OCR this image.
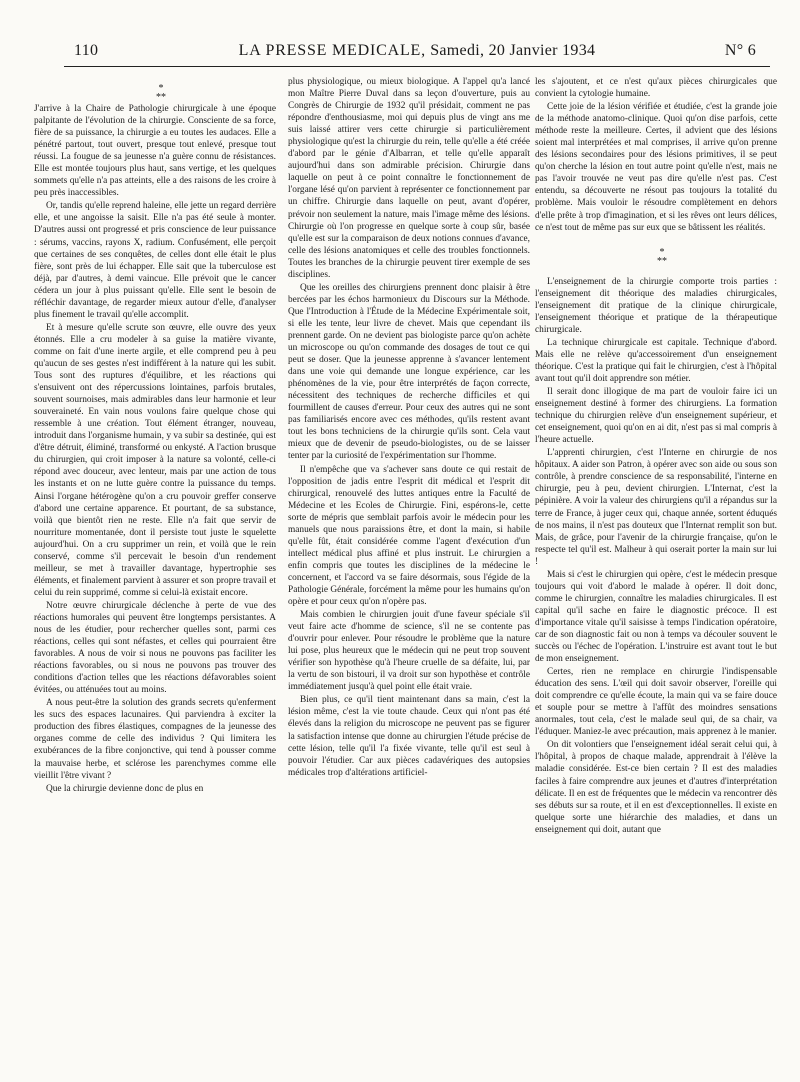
110	LA PRESSE MEDICALE, Samedi, 20 Janvier 1934	N° 6

*
**

J'arrive à la Chaire de Pathologie chirurgicale à une époque palpitante de l'évolution de la chirurgie. Consciente de sa force, fière de sa puissance, la chirurgie a eu toutes les audaces. Elle a pénétré partout, tout ouvert, presque tout enlevé, presque tout réussi. La fougue de sa jeunesse n'a guère connu de résistances. Elle est montée toujours plus haut, sans vertige, et les quelques sommets qu'elle n'a pas atteints, elle a des raisons de les croire à peu près inaccessibles.

Or, tandis qu'elle reprend haleine, elle jette un regard derrière elle, et une angoisse la saisit. Elle n'a pas été seule à monter. D'autres aussi ont progressé et pris conscience de leur puissance : sérums, vaccins, rayons X, radium. Confusément, elle perçoit que certaines de ses conquêtes, de celles dont elle était le plus fière, sont près de lui échapper. Elle sait que la tuberculose est déjà, par d'autres, à demi vaincue. Elle prévoit que le cancer cédera un jour à plus puissant qu'elle. Elle sent le besoin de réfléchir davantage, de regarder mieux autour d'elle, d'analyser plus finement le travail qu'elle accomplit.

Et à mesure qu'elle scrute son œuvre, elle ouvre des yeux étonnés. Elle a cru modeler à sa guise la matière vivante, comme on fait d'une inerte argile, et elle comprend peu à peu qu'aucun de ses gestes n'est indifférent à la nature qui les subit. Tous sont des ruptures d'équilibre, et les réactions qui s'ensuivent ont des répercussions lointaines, parfois brutales, souvent sournoises, mais admirables dans leur harmonie et leur souveraineté. En vain nous voulons faire quelque chose qui ressemble à une création. Tout élément étranger, nouveau, introduit dans l'organisme humain, y va subir sa destinée, qui est d'être détruit, éliminé, transformé ou enkysté. A l'action brusque du chirurgien, qui croit imposer à la nature sa volonté, celle-ci répond avec douceur, avec lenteur, mais par une action de tous les instants et on ne lutte guère contre la puissance du temps. Ainsi l'organe hétérogène qu'on a cru pouvoir greffer conserve d'abord une certaine apparence. Et pourtant, de sa substance, voilà que bientôt rien ne reste. Elle n'a fait que servir de nourriture momentanée, dont il persiste tout juste le squelette aujourd'hui. On a cru supprimer un rein, et voilà que le rein conservé, comme s'il percevait le besoin d'un rendement meilleur, se met à travailler davantage, hypertrophie ses éléments, et finalement parvient à assurer et son propre travail et celui du rein supprimé, comme si celui-là existait encore.

Notre œuvre chirurgicale déclenche à perte de vue des réactions humorales qui peuvent être longtemps persistantes. A nous de les étudier, pour rechercher quelles sont, parmi ces réactions, celles qui sont néfastes, et celles qui pourraient être favorables. A nous de voir si nous ne pouvons pas faciliter les réactions favorables, ou si nous ne pouvons pas trouver des conditions d'action telles que les réactions défavorables soient évitées, ou atténuées tout au moins.

A nous peut-être la solution des grands secrets qu'enferment les sucs des espaces lacunaires. Qui parviendra à exciter la production des fibres élastiques, compagnes de la jeunesse des organes comme de celle des individus ? Qui limitera les exubérances de la fibre conjonctive, qui tend à pousser comme la mauvaise herbe, et sclérose les parenchymes comme elle vieillit l'être vivant ?

Que la chirurgie devienne donc de plus en

plus physiologique, ou mieux biologique. A l'appel qu'a lancé mon Maître Pierre Duval dans sa leçon d'ouverture, puis au Congrès de Chirurgie de 1932 qu'il présidait, comment ne pas répondre d'enthousiasme, moi qui depuis plus de vingt ans me suis laissé attirer vers cette chirurgie si particulièrement physiologique qu'est la chirurgie du rein, telle qu'elle a été créée d'abord par le génie d'Albarran, et telle qu'elle apparaît aujourd'hui dans son admirable précision. Chirurgie dans laquelle on peut à ce point connaître le fonctionnement de l'organe lésé qu'on parvient à représenter ce fonctionnement par un chiffre. Chirurgie dans laquelle on peut, avant d'opérer, prévoir non seulement la nature, mais l'image même des lésions. Chirurgie où l'on progresse en quelque sorte à coup sûr, basée qu'elle est sur la comparaison de deux notions connues d'avance, celle des lésions anatomiques et celle des troubles fonctionnels. Toutes les branches de la chirurgie peuvent tirer exemple de ses disciplines.

Que les oreilles des chirurgiens prennent donc plaisir à être bercées par les échos harmonieux du Discours sur la Méthode. Que l'Introduction à l'Étude de la Médecine Expérimentale soit, si elle les tente, leur livre de chevet. Mais que cependant ils prennent garde. On ne devient pas biologiste parce qu'on achète un microscope ou qu'on commande des dosages de tout ce qui peut se doser. Que la jeunesse apprenne à s'avancer lentement dans une voie qui demande une longue expérience, car les phénomènes de la vie, pour être interprétés de façon correcte, nécessitent des techniques de recherche difficiles et qui fourmillent de causes d'erreur. Pour ceux des autres qui ne sont pas familiarisés encore avec ces méthodes, qu'ils restent avant tout les bons techniciens de la chirurgie qu'ils sont. Cela vaut mieux que de devenir de pseudo-biologistes, ou de se laisser tenter par la curiosité de l'expérimentation sur l'homme.

Il n'empêche que va s'achever sans doute ce qui restait de l'opposition de jadis entre l'esprit dit médical et l'esprit dit chirurgical, renouvelé des luttes antiques entre la Faculté de Médecine et les Ecoles de Chirurgie. Fini, espérons-le, cette sorte de mépris que semblait parfois avoir le médecin pour les manuels que nous paraissions être, et dont la main, si habile qu'elle fût, était considérée comme l'agent d'exécution d'un intellect médical plus affiné et plus instruit. Le chirurgien a enfin compris que toutes les disciplines de la médecine le concernent, et l'accord va se faire désormais, sous l'égide de la Pathologie Générale, forcément la même pour les humains qu'on opère et pour ceux qu'on n'opère pas.

Mais combien le chirurgien jouit d'une faveur spéciale s'il veut faire acte d'homme de science, s'il ne se contente pas d'ouvrir pour enlever. Pour résoudre le problème que la nature lui pose, plus heureux que le médecin qui ne peut trop souvent vérifier son hypothèse qu'à l'heure cruelle de sa défaite, lui, par la vertu de son bistouri, il va droit sur son hypothèse et contrôle immédiatement jusqu'à quel point elle était vraie.

Bien plus, ce qu'il tient maintenant dans sa main, c'est la lésion même, c'est la vie toute chaude. Ceux qui n'ont pas été élevés dans la religion du microscope ne peuvent pas se figurer la satisfaction intense que donne au chirurgien l'étude précise de cette lésion, telle qu'il l'a fixée vivante, telle qu'il est seul à pouvoir l'étudier. Car aux pièces cadavériques des autopsies médicales trop d'altérations artificiel-

les s'ajoutent, et ce n'est qu'aux pièces chirurgicales que convient la cytologie humaine.

Cette joie de la lésion vérifiée et étudiée, c'est la grande joie de la méthode anatomo-clinique. Quoi qu'on dise parfois, cette méthode reste la meilleure. Certes, il advient que des lésions soient mal interprétées et mal comprises, il arrive qu'on prenne des lésions secondaires pour des lésions primitives, il se peut qu'on cherche la lésion en tout autre point qu'elle n'est, mais ne pas l'avoir trouvée ne veut pas dire qu'elle n'est pas. C'est entendu, sa découverte ne résout pas toujours la totalité du problème. Mais vouloir le résoudre complètement en dehors d'elle prête à trop d'imagination, et si les rêves ont leurs délices, ce n'est tout de même pas sur eux que se bâtissent les réalités.

*
**

L'enseignement de la chirurgie comporte trois parties : l'enseignement dit théorique des maladies chirurgicales, l'enseignement dit pratique de la clinique chirurgicale, l'enseignement théorique et pratique de la thérapeutique chirurgicale.

La technique chirurgicale est capitale. Technique d'abord. Mais elle ne relève qu'accessoirement d'un enseignement théorique. C'est la pratique qui fait le chirurgien, c'est à l'hôpital avant tout qu'il doit apprendre son métier.

Il serait donc illogique de ma part de vouloir faire ici un enseignement destiné à former des chirurgiens. La formation technique du chirurgien relève d'un enseignement supérieur, et cet enseignement, quoi qu'on en ai dit, n'est pas si mal compris à l'heure actuelle.

L'apprenti chirurgien, c'est l'Interne en chirurgie de nos hôpitaux. A aider son Patron, à opérer avec son aide ou sous son contrôle, à prendre conscience de sa responsabilité, l'interne en chirurgie, peu à peu, devient chirurgien. L'Internat, c'est la pépinière. A voir la valeur des chirurgiens qu'il a répandus sur la terre de France, à juger ceux qui, chaque année, sortent éduqués de nos mains, il n'est pas douteux que l'Internat remplit son but. Mais, de grâce, pour l'avenir de la chirurgie française, qu'on le respecte tel qu'il est. Malheur à qui oserait porter la main sur lui !

Mais si c'est le chirurgien qui opère, c'est le médecin presque toujours qui voit d'abord le malade à opérer. Il doit donc, comme le chirurgien, connaître les maladies chirurgicales. Il est capital qu'il sache en faire le diagnostic précoce. Il est d'importance vitale qu'il saisisse à temps l'indication opératoire, car de son diagnostic fait ou non à temps va découler souvent le succès ou l'échec de l'opération. L'instruire est avant tout le but de mon enseignement.

Certes, rien ne remplace en chirurgie l'indispensable éducation des sens. L'œil qui doit savoir observer, l'oreille qui doit comprendre ce qu'elle écoute, la main qui va se faire douce et souple pour se mettre à l'affût des moindres sensations anormales, tout cela, c'est le malade seul qui, de sa chair, va l'éduquer. Maniez-le avec précaution, mais apprenez à le manier.

On dit volontiers que l'enseignement idéal serait celui qui, à l'hôpital, à propos de chaque malade, apprendrait à l'élève la maladie considérée. Est-ce bien certain ? Il est des maladies faciles à faire comprendre aux jeunes et d'autres d'interprétation délicate. Il en est de fréquentes que le médecin va rencontrer dès ses débuts sur sa route, et il en est d'exceptionnelles. Il existe en quelque sorte une hiérarchie des maladies, et dans un enseignement qui doit, autant que
